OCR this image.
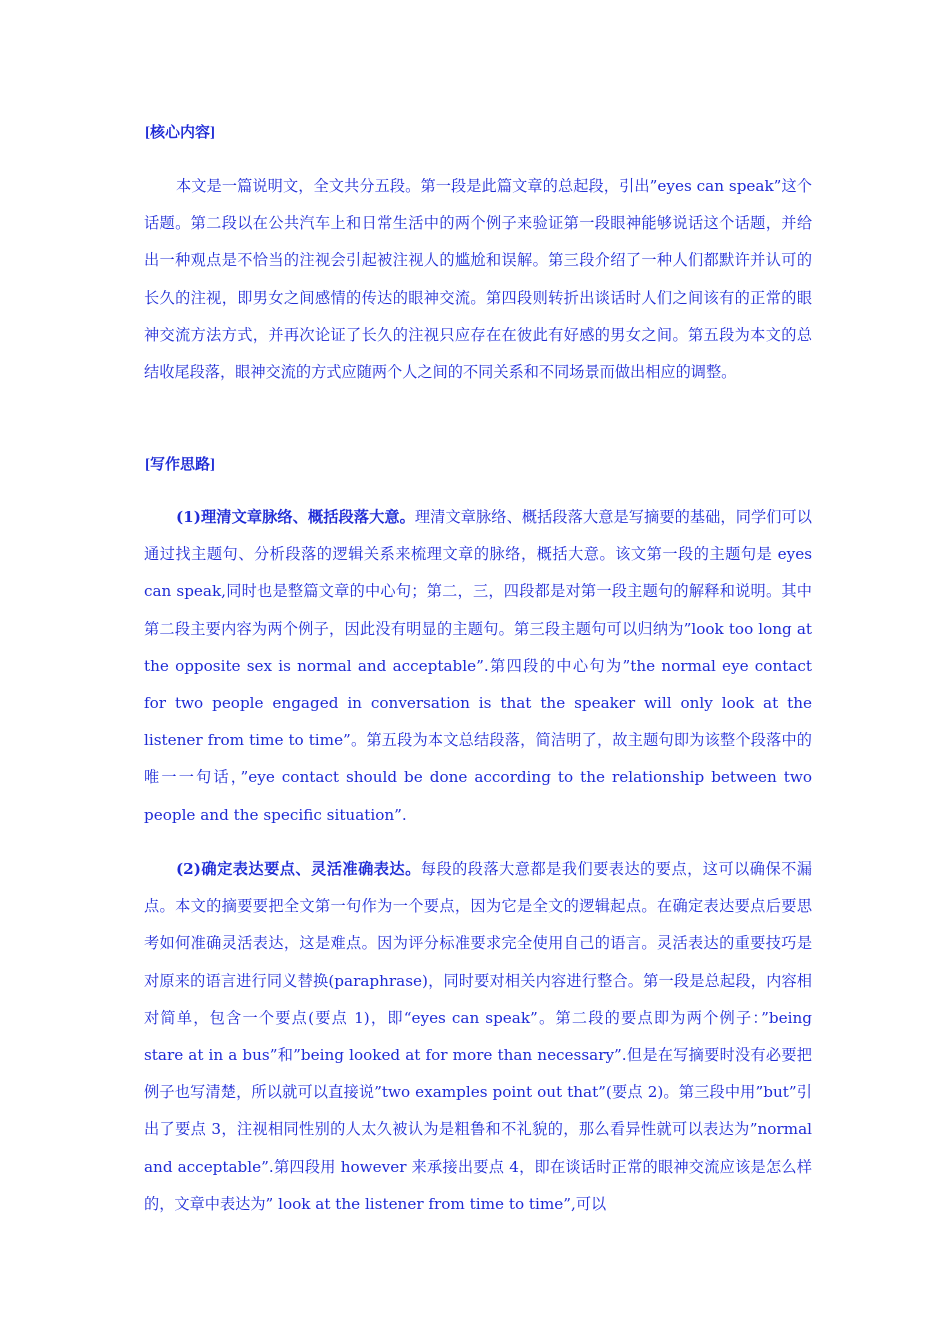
[核心内容]

本文是一篇说明文，全文共分五段。第一段是此篇文章的总起段，引出”eyes can speak”这个话题。第二段以在公共汽车上和日常生活中的两个例子来验证第一段眼神能够说话这个话题，并给出一种观点是不恰当的注视会引起被注视人的尴尬和误解。第三段介绍了一种人们都默许并认可的长久的注视，即男女之间感情的传达的眼神交流。第四段则转折出谈话时人们之间该有的正常的眼神交流方法方式，并再次论证了长久的注视只应存在在彼此有好感的男女之间。第五段为本文的总结收尾段落，眼神交流的方式应随两个人之间的不同关系和不同场景而做出相应的调整。

[写作思路]

(1)理清文章脉络、概括段落大意。理清文章脉络、概括段落大意是写摘要的基础，同学们可以通过找主题句、分析段落的逻辑关系来梳理文章的脉络，概括大意。该文第一段的主题句是 eyes can speak,同时也是整篇文章的中心句；第二，三，四段都是对第一段主题句的解释和说明。其中第二段主要内容为两个例子，因此没有明显的主题句。第三段主题句可以归纳为”look too long at the opposite sex is normal and acceptable”.第四段的中心句为”the normal eye contact for two people engaged in conversation is that the speaker will only look at the listener from time to time”。第五段为本文总结段落，简洁明了，故主题句即为该整个段落中的唯一一句话，”eye contact should be done according to the relationship between two people and the specific situation”.

(2)确定表达要点、灵活准确表达。每段的段落大意都是我们要表达的要点，这可以确保不漏点。本文的摘要要把全文第一句作为一个要点，因为它是全文的逻辑起点。在确定表达要点后要思考如何准确灵活表达，这是难点。因为评分标准要求完全使用自己的语言。灵活表达的重要技巧是对原来的语言进行同义替换(paraphrase)，同时要对相关内容进行整合。第一段是总起段，内容相对简单，包含一个要点(要点 1)，即“eyes can speak”。第二段的要点即为两个例子：”being stare at in a bus”和”being looked at for more than necessary”.但是在写摘要时没有必要把例子也写清楚，所以就可以直接说”two examples point out that”(要点 2)。第三段中用”but”引出了要点 3，注视相同性别的人太久被认为是粗鲁和不礼貌的，那么看异性就可以表达为”normal and acceptable”.第四段用 however 来承接出要点 4，即在谈话时正常的眼神交流应该是怎么样的，文章中表达为” look at the listener from time to time”,可以
